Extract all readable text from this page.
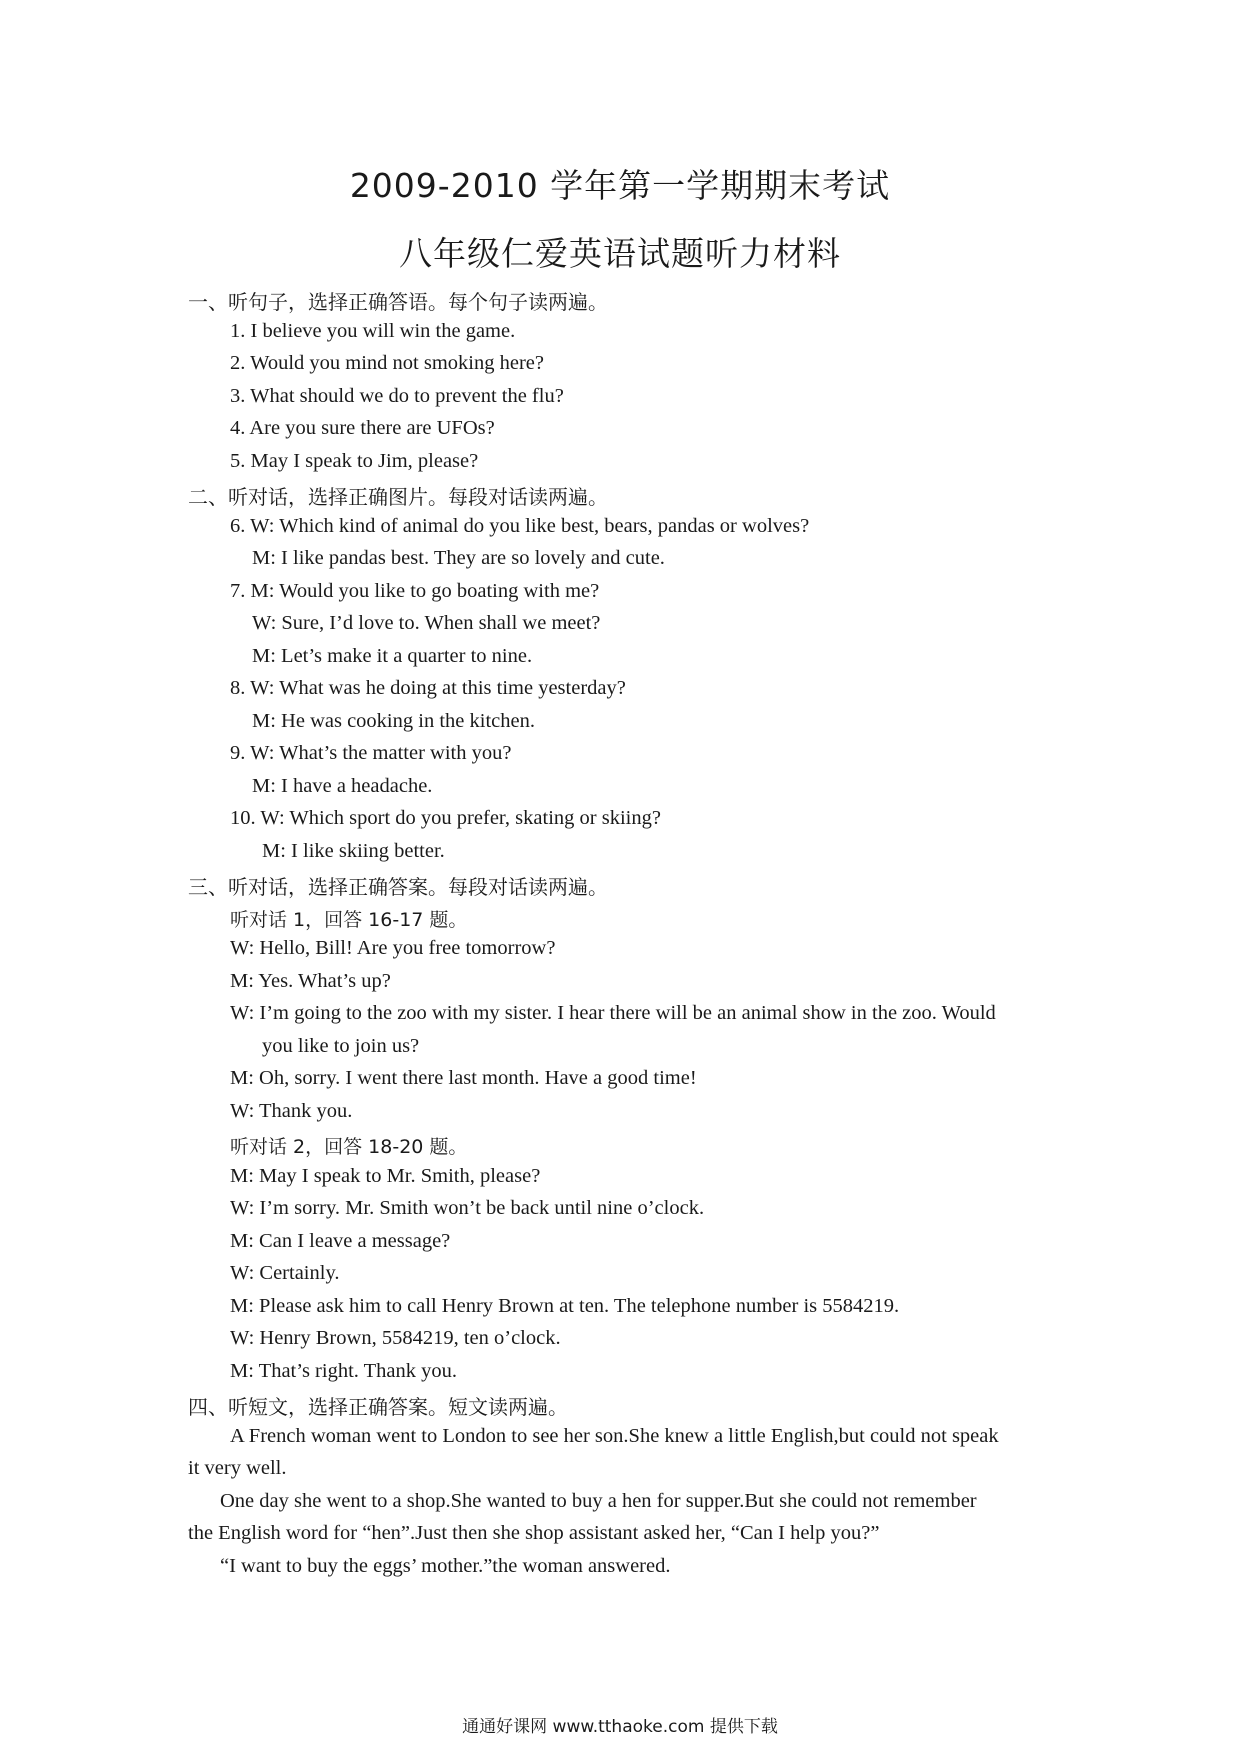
2009-2010 学年第一学期期末考试
八年级仁爱英语试题听力材料
一、听句子，选择正确答语。每个句子读两遍。
1. I believe you will win the game.
2. Would you mind not smoking here?
3. What should we do to prevent the flu?
4. Are you sure there are UFOs?
5. May I speak to Jim, please?
二、听对话，选择正确图片。每段对话读两遍。
6. W: Which kind of animal do you like best, bears, pandas or wolves?
M: I like pandas best. They are so lovely and cute.
7. M: Would you like to go boating with me?
W: Sure, I’d love to. When shall we meet?
M: Let’s make it a quarter to nine.
8. W: What was he doing at this time yesterday?
M: He was cooking in the kitchen.
9. W: What’s the matter with you?
M: I have a headache.
10. W: Which sport do you prefer, skating or skiing?
M: I like skiing better.
三、听对话，选择正确答案。每段对话读两遍。
听对话 1，回答 16-17 题。
W: Hello, Bill! Are you free tomorrow?
M: Yes. What’s up?
W: I’m going to the zoo with my sister. I hear there will be an animal show in the zoo. Would
you like to join us?
M: Oh, sorry. I went there last month. Have a good time!
W: Thank you.
听对话 2，回答 18-20 题。
M: May I speak to Mr. Smith, please?
W: I’m sorry. Mr. Smith won’t be back until nine o’clock.
M: Can I leave a message?
W: Certainly.
M: Please ask him to call Henry Brown at ten. The telephone number is 5584219.
W: Henry Brown, 5584219, ten o’clock.
M: That’s right. Thank you.
四、听短文，选择正确答案。短文读两遍。
A French woman went to London to see her son.She knew a little English,but could not speak
it very well.
One day she went to a shop.She wanted to buy a hen for supper.But she could not remember
the English word for “hen”.Just then she shop assistant asked her, “Can I help you?”
“I want to buy the eggs’ mother.”the woman answered.
通通好课网 www.tthaoke.com 提供下载
